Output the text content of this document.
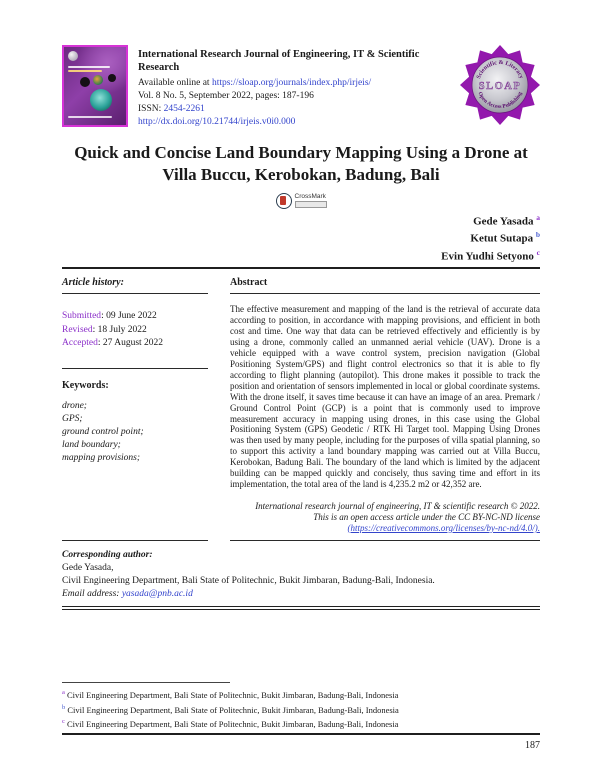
International Research Journal of Engineering, IT & Scientific Research
Available online at https://sloap.org/journals/index.php/irjeis/
Vol. 8 No. 5, September 2022, pages: 187-196
ISSN: 2454-2261
http://dx.doi.org/10.21744/irjeis.v0i0.000
Scientific & Literacy
SLOAP
Open Access Publishing
Quick and Concise Land Boundary Mapping Using a Drone at Villa Buccu, Kerobokan, Badung, Bali
CrossMark
Gede Yasada $^a$
Ketut Sutapa $^b$
Evin Yudhi Setyono $^c$
Article history:
Submitted: 09 June 2022
Revised: 18 July 2022
Accepted: 27 August 2022
Keywords:
drone;
GPS;
ground control point;
land boundary;
mapping provisions;
Abstract
The effective measurement and mapping of the land is the retrieval of accurate data according to position, in accordance with mapping provisions, and efficient in both cost and time. One way that data can be retrieved effectively and efficiently is by using a drone, commonly called an unmanned aerial vehicle (UAV). Drone is a vehicle equipped with a wave control system, precision navigation (Global Positioning System/GPS) and flight control electronics so that it is able to fly according to flight planning (autopilot). This drone makes it possible to track the position and orientation of sensors implemented in local or global coordinate systems. With the drone itself, it saves time because it can have an image of an area. Premark / Ground Control Point (GCP) is a point that is commonly used to improve measurement accuracy in mapping using drones, in this case using the Global Positioning System (GPS) Geodetic / RTK Hi Target tool. Mapping Using Drones was then used by many people, including for the purposes of villa spatial planning, so to support this activity a land boundary mapping was carried out at Villa Buccu, Kerobokan, Badung Bali. The boundary of the land which is limited by the adjacent building can be mapped quickly and concisely, thus saving time and effort in its implementation, the total area of the land is 4,235.2 m2 or 42,352 are.
International research journal of engineering, IT & scientific research © 2022.
This is an open access article under the CC BY-NC-ND license
(https://creativecommons.org/licenses/by-nc-nd/4.0/).
Corresponding author:
Gede Yasada,
Civil Engineering Department, Bali State of Politechnic, Bukit Jimbaran, Badung-Bali, Indonesia.
Email address: yasada@pnb.ac.id
$^a$ Civil Engineering Department, Bali State of Politechnic, Bukit Jimbaran, Badung-Bali, Indonesia
$^b$ Civil Engineering Department, Bali State of Politechnic, Bukit Jimbaran, Badung-Bali, Indonesia
$^c$ Civil Engineering Department, Bali State of Politechnic, Bukit Jimbaran, Badung-Bali, Indonesia
187
